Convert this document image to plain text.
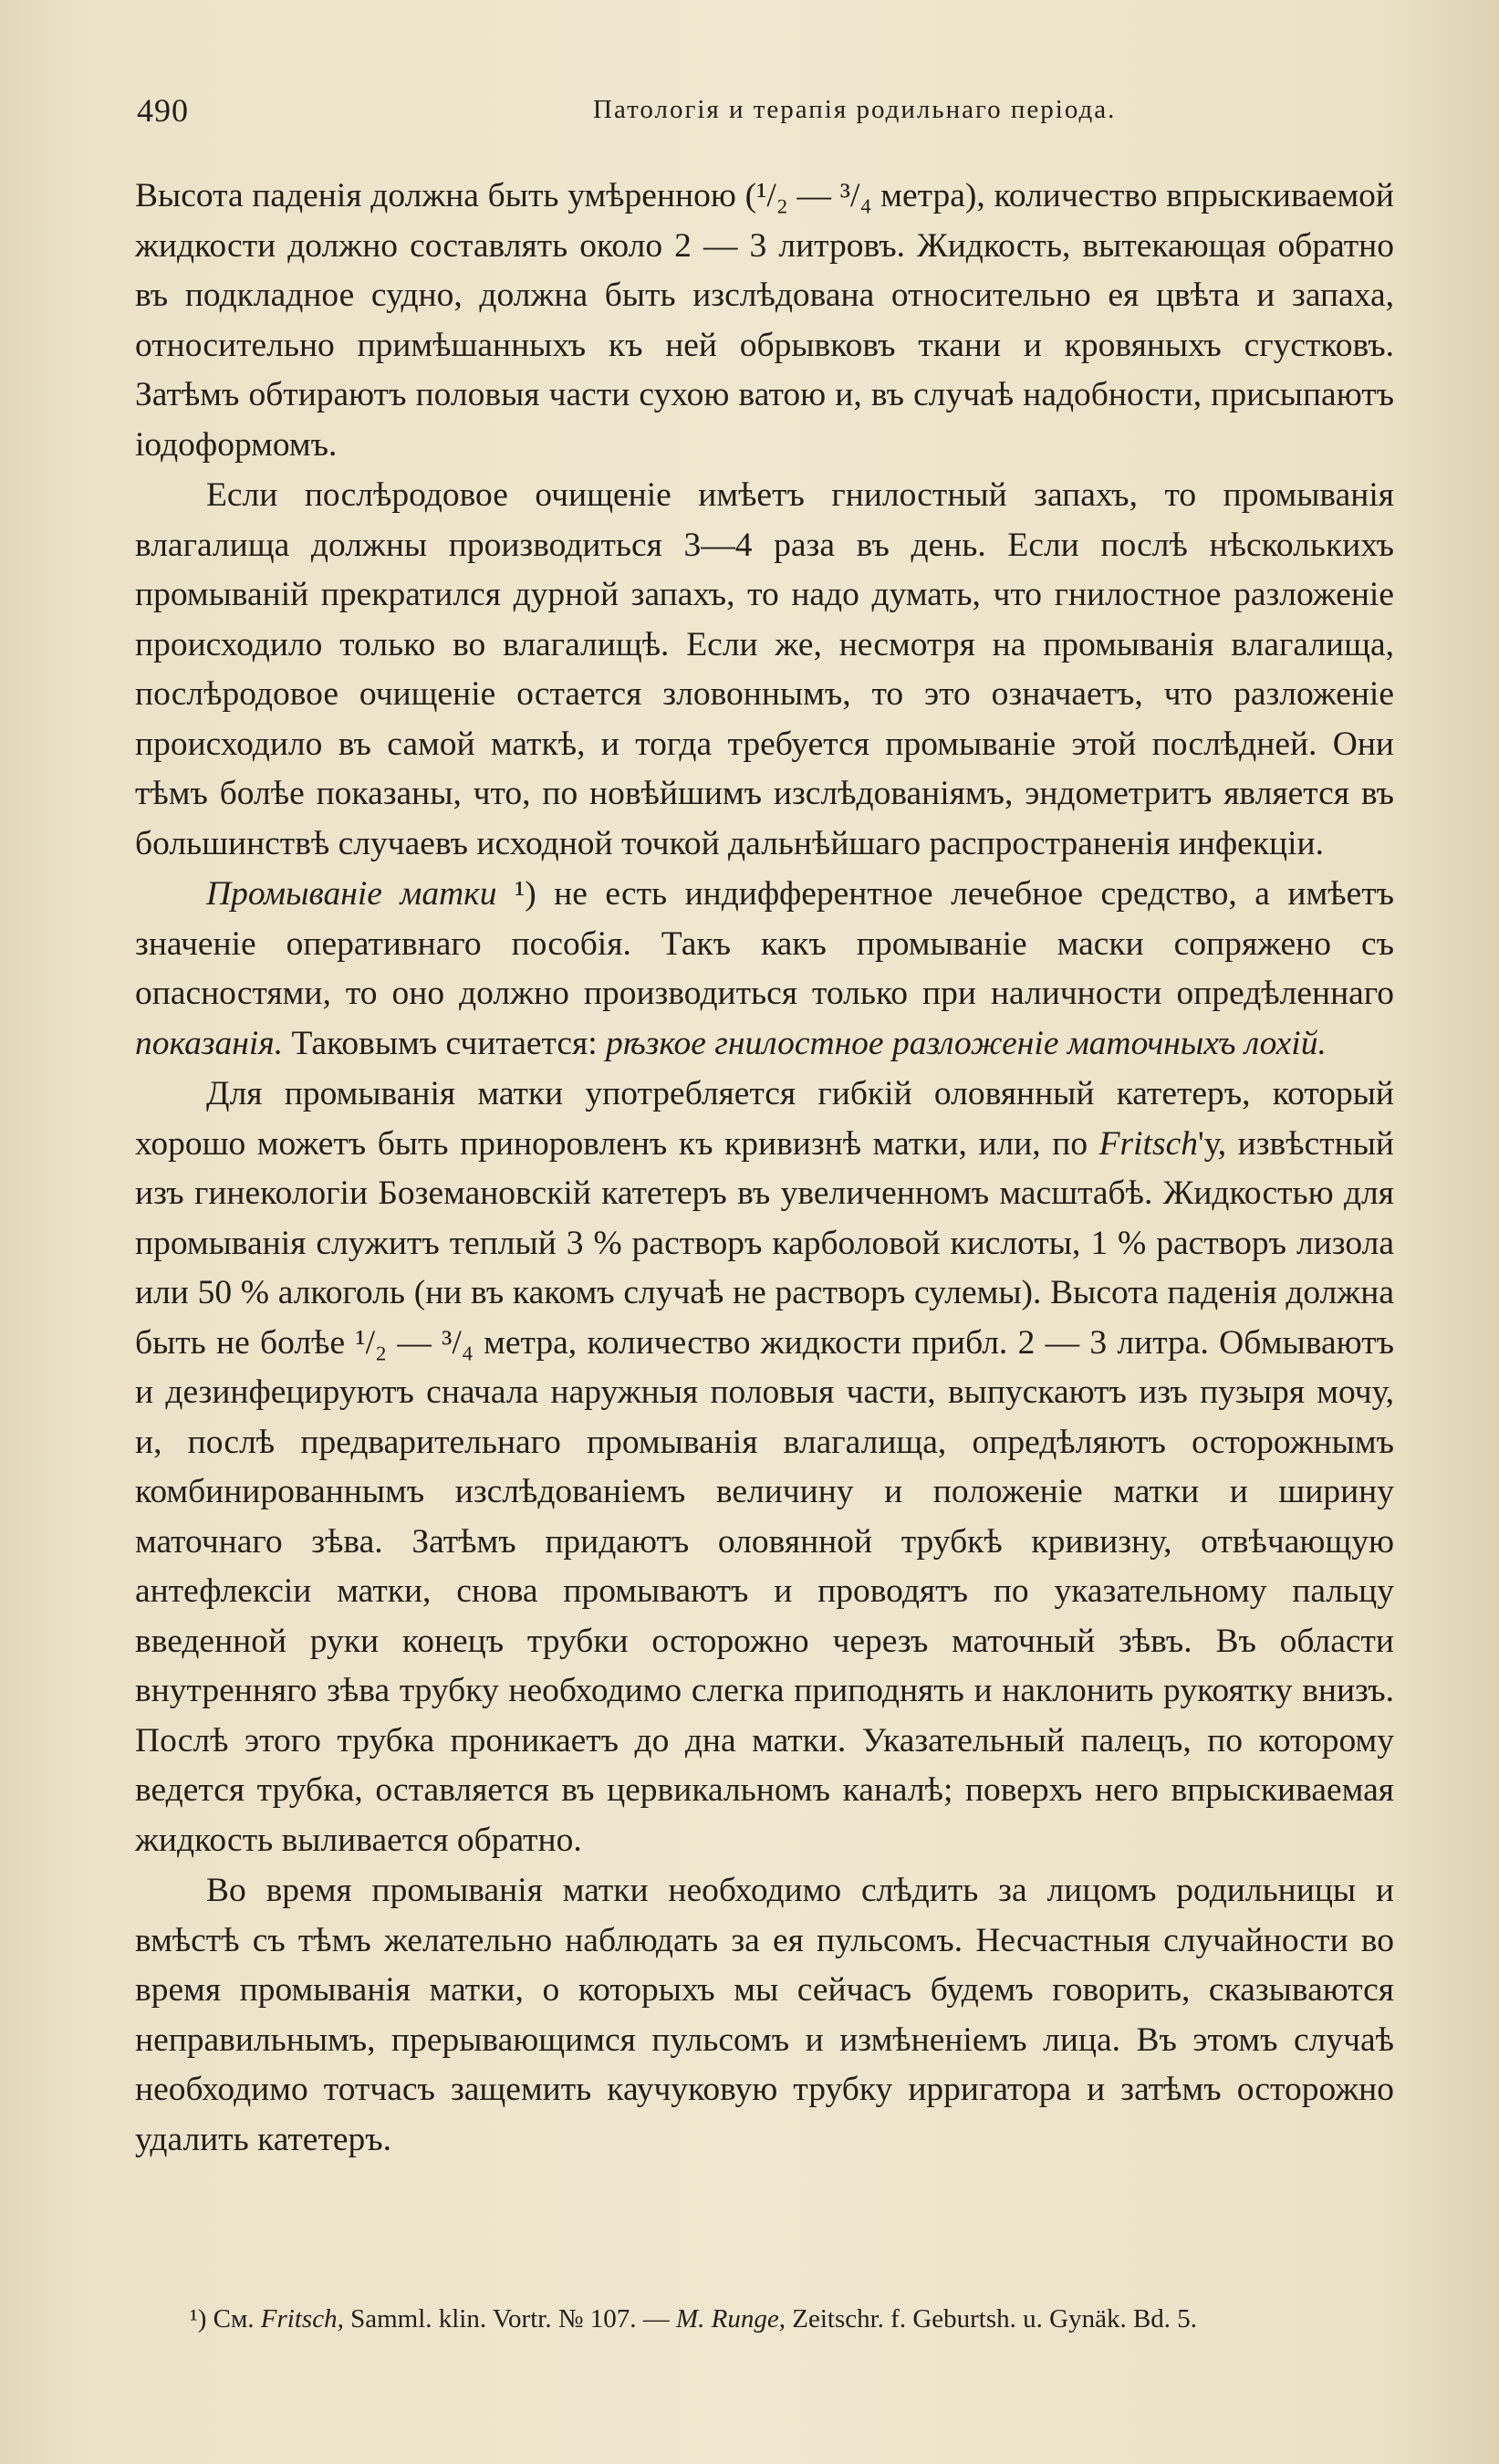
490	Патологія и терапія родильнаго періода.

Высота паденія должна быть умѣренною (¹/₂ — ³/₄ метра), количество впрыскиваемой жидкости должно составлять около 2 — 3 литровъ. Жидкость, вытекающая обратно въ подкладное судно, должна быть изслѣдована относительно ея цвѣта и запаха, относительно примѣшанныхъ къ ней обрывковъ ткани и кровяныхъ сгустковъ. Затѣмъ обтираютъ половыя части сухою ватою и, въ случаѣ надобности, присыпаютъ іодоформомъ.

Если послѣродовое очищеніе имѣетъ гнилостный запахъ, то промыванія влагалища должны производиться 3—4 раза въ день. Если послѣ нѣсколькихъ промываній прекратился дурной запахъ, то надо думать, что гнилостное разложеніе происходило только во влагалищѣ. Если же, несмотря на промыванія влагалища, послѣродовое очищеніе остается зловоннымъ, то это означаетъ, что разложеніе происходило въ самой маткѣ, и тогда требуется промываніе этой послѣдней. Они тѣмъ болѣе показаны, что, по новѣйшимъ изслѣдованіямъ, эндометритъ является въ большинствѣ случаевъ исходной точкой дальнѣйшаго распространенія инфекціи.

Промываніе матки ¹) не есть индифферентное лечебное средство, а имѣетъ значеніе оперативнаго пособія. Такъ какъ промываніе маски сопряжено съ опасностями, то оно должно производиться только при наличности опредѣленнаго показанія. Таковымъ считается: рѣзкое гнилостное разложеніе маточныхъ лохій.

Для промыванія матки употребляется гибкій оловянный катетеръ, который хорошо можетъ быть приноровленъ къ кривизнѣ матки, или, по Fritsch'у, извѣстный изъ гинекологіи Боземановскій катетеръ въ увеличенномъ масштабѣ. Жидкостью для промыванія служитъ теплый 3 % растворъ карболовой кислоты, 1 % растворъ лизола или 50 % алкоголь (ни въ какомъ случаѣ не растворъ сулемы). Высота паденія должна быть не болѣе ¹/₂ — ³/₄ метра, количество жидкости прибл. 2 — 3 литра. Обмываютъ и дезинфецируютъ сначала наружныя половыя части, выпускаютъ изъ пузыря мочу, и, послѣ предварительнаго промыванія влагалища, опредѣляютъ осторожнымъ комбинированнымъ изслѣдованіемъ величину и положеніе матки и ширину маточнаго зѣва. Затѣмъ придаютъ оловянной трубкѣ кривизну, отвѣчающую антефлексіи матки, снова промываютъ и проводятъ по указательному пальцу введенной руки конецъ трубки осторожно черезъ маточный зѣвъ. Въ области внутренняго зѣва трубку необходимо слегка приподнять и наклонить рукоятку внизъ. Послѣ этого трубка проникаетъ до дна матки. Указательный палецъ, по которому ведется трубка, оставляется въ цервикальномъ каналѣ; поверхъ него впрыскиваемая жидкость выливается обратно.

Во время промыванія матки необходимо слѣдить за лицомъ родильницы и вмѣстѣ съ тѣмъ желательно наблюдать за ея пульсомъ. Несчастныя случайности во время промыванія матки, о которыхъ мы сейчасъ будемъ говорить, сказываются неправильнымъ, прерывающимся пульсомъ и измѣненіемъ лица. Въ этомъ случаѣ необходимо тотчасъ защемить каучуковую трубку ирригатора и затѣмъ осторожно удалить катетеръ.

¹) См. Fritsch, Samml. klin. Vortr. № 107. — M. Runge, Zeitschr. f. Geburtsh. u. Gynäk. Bd. 5.
